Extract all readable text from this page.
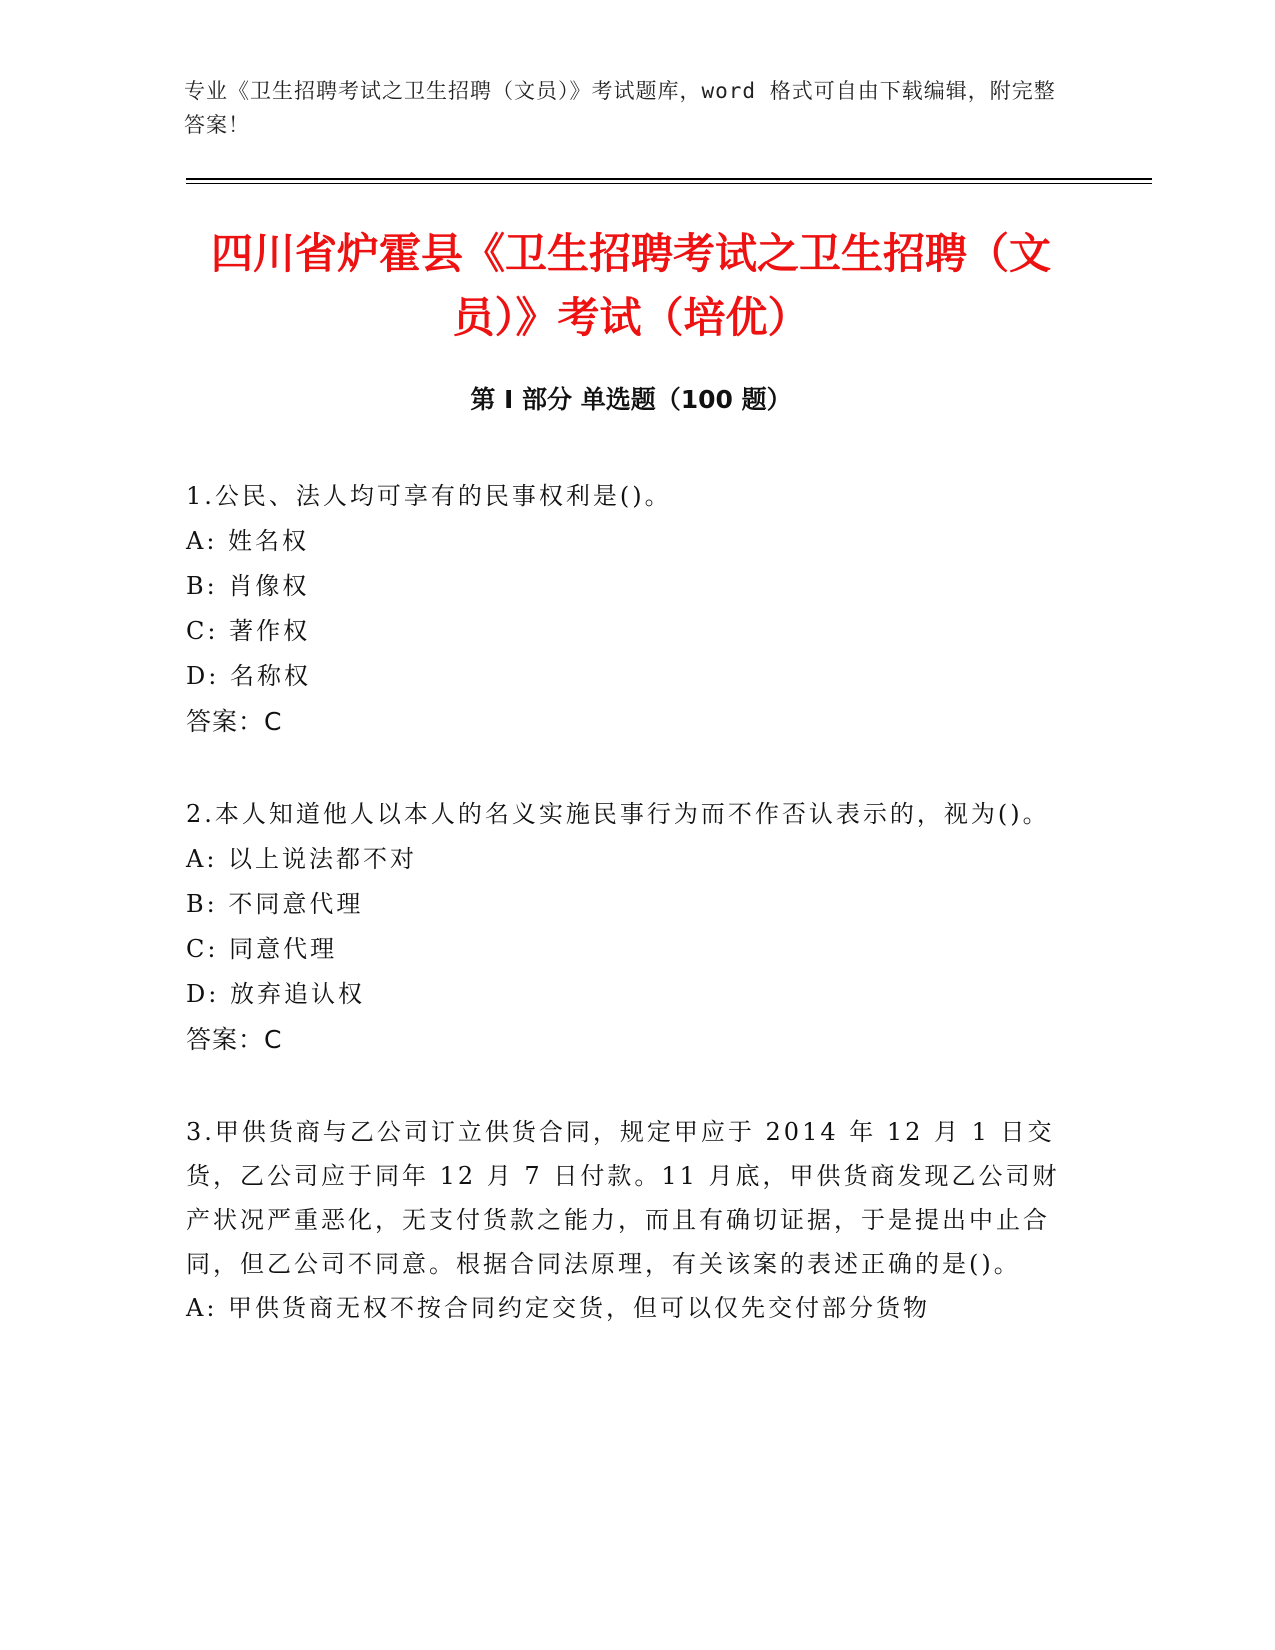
专业《卫生招聘考试之卫生招聘（文员）》考试题库，word 格式可自由下载编辑，附完整答案！

四川省炉霍县《卫生招聘考试之卫生招聘（文员）》考试（培优）
第 I 部分 单选题（100 题）

1.公民、法人均可享有的民事权利是()。

A: 姓名权

B: 肖像权

C: 著作权

D: 名称权

答案：C

2.本人知道他人以本人的名义实施民事行为而不作否认表示的，视为()。

A: 以上说法都不对

B: 不同意代理

C: 同意代理

D: 放弃追认权

答案：C

3.甲供货商与乙公司订立供货合同，规定甲应于 2014 年 12 月 1 日交货，乙公司应于同年 12 月 7 日付款。11 月底，甲供货商发现乙公司财产状况严重恶化，无支付货款之能力，而且有确切证据，于是提出中止合同，但乙公司不同意。根据合同法原理，有关该案的表述正确的是()。

A: 甲供货商无权不按合同约定交货，但可以仅先交付部分货物
